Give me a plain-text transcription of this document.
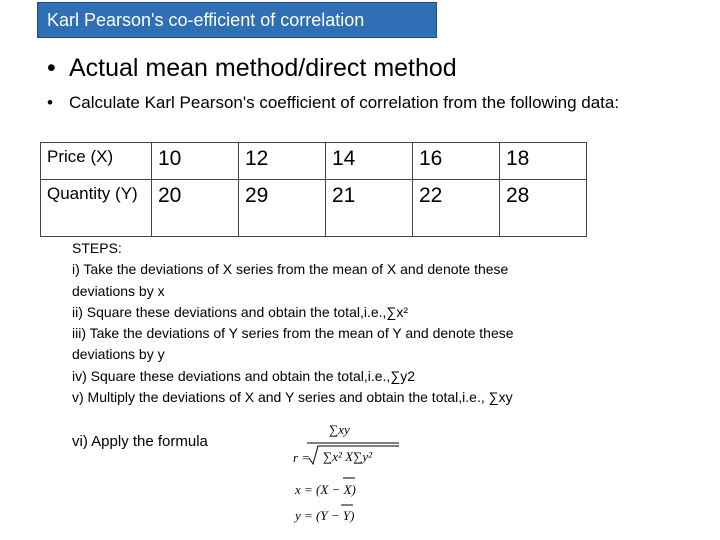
Karl Pearson's co-efficient of correlation
• Actual mean method/direct method
• Calculate Karl Pearson's coefficient of correlation from the following data:
Price (X)	10	12	14	16	18
Quantity (Y)	20	29	21	22	28
STEPS:
i) Take the deviations of X series from the mean of X and denote these
deviations by x
ii) Square these deviations and obtain the total,i.e.,∑x²
iii) Take the deviations of Y series from the mean of Y and denote these
deviations by y
iv) Square these deviations and obtain the total,i.e.,∑y2
v) Multiply the deviations of X and Y series and obtain the total,i.e., ∑xy
vi) Apply the formula
∑xy
r = ∑x² X∑y²
x = (X − X)
y = (Y − Y)
